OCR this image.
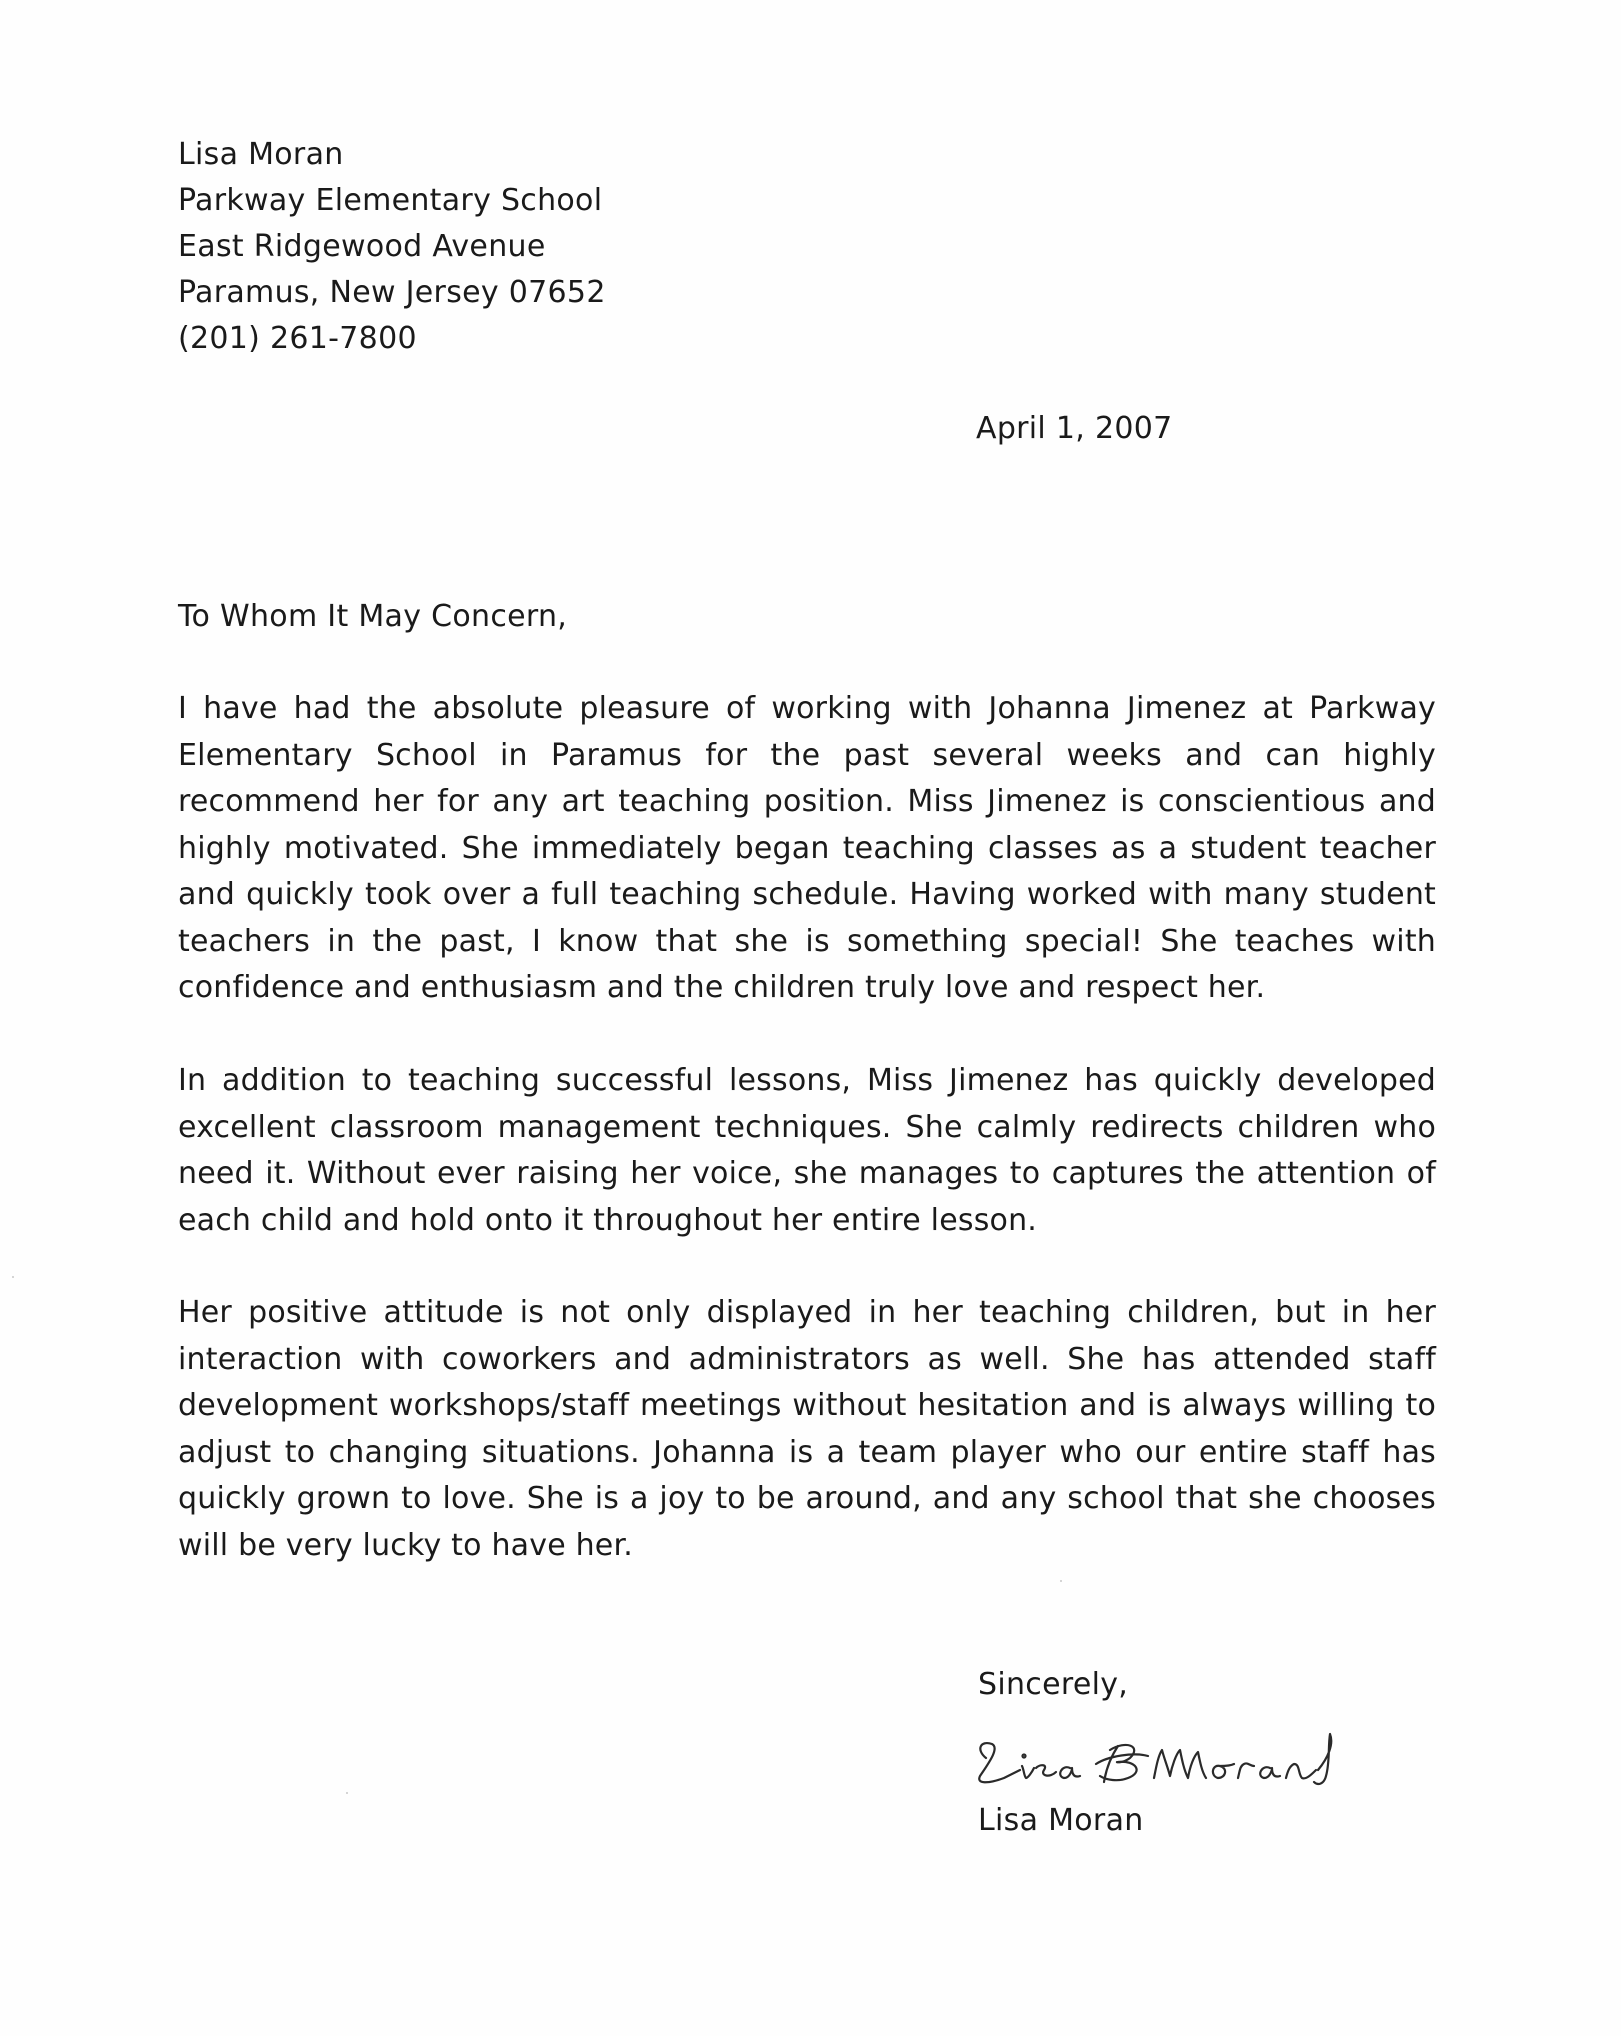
Lisa Moran
Parkway Elementary School
East Ridgewood Avenue
Paramus, New Jersey 07652
(201) 261-7800
April 1, 2007
To Whom It May Concern,
I have had the absolute pleasure of working with Johanna Jimenez at Parkway Elementary School in Paramus for the past several weeks and can highly recommend her for any art teaching position. Miss Jimenez is conscientious and highly motivated. She immediately began teaching classes as a student teacher and quickly took over a full teaching schedule. Having worked with many student teachers in the past, I know that she is something special! She teaches with confidence and enthusiasm and the children truly love and respect her.
In addition to teaching successful lessons, Miss Jimenez has quickly developed excellent classroom management techniques. She calmly redirects children who need it. Without ever raising her voice, she manages to captures the attention of each child and hold onto it throughout her entire lesson.
Her positive attitude is not only displayed in her teaching children, but in her interaction with coworkers and administrators as well. She has attended staff development workshops/staff meetings without hesitation and is always willing to adjust to changing situations. Johanna is a team player who our entire staff has quickly grown to love. She is a joy to be around, and any school that she chooses will be very lucky to have her.
Sincerely,
Lisa Moran
